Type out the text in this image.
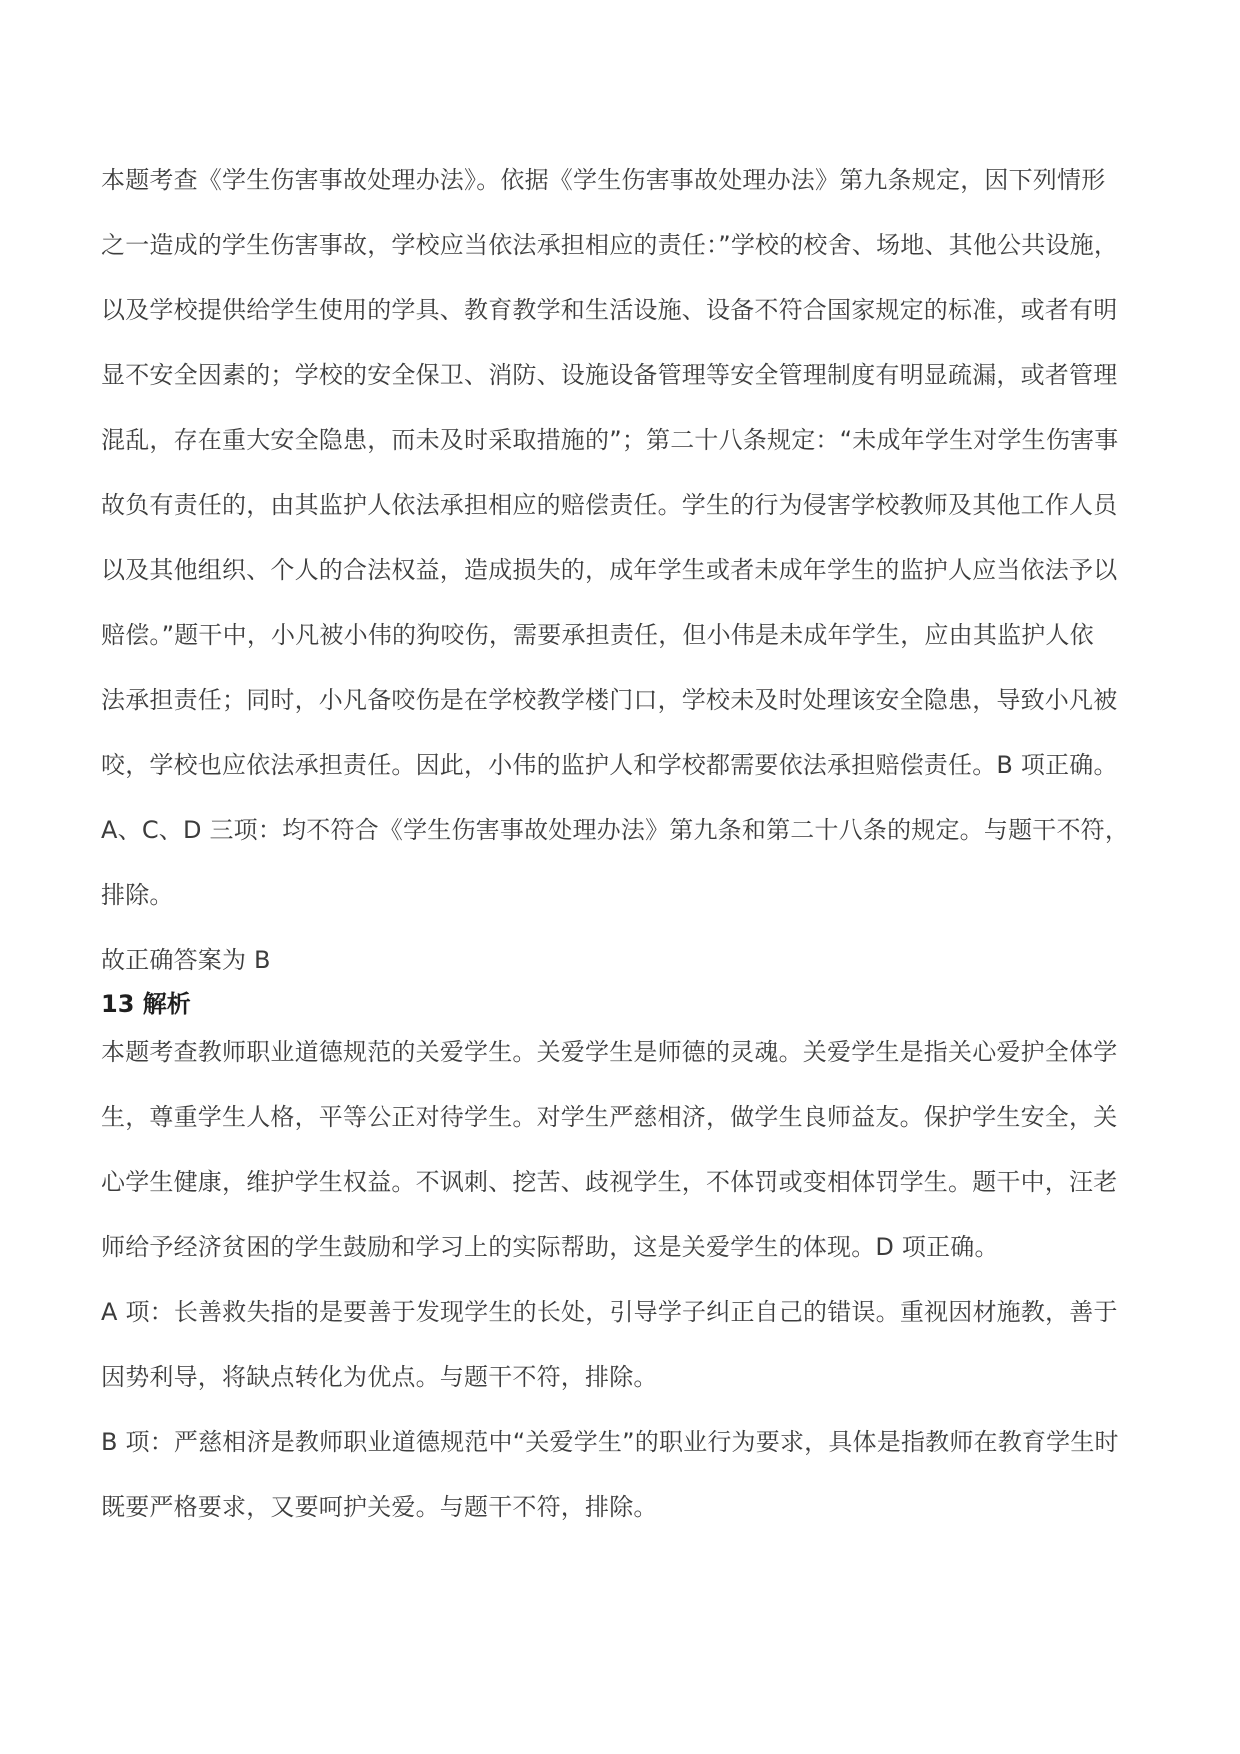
本题考查《学生伤害事故处理办法》。依据《学生伤害事故处理办法》第九条规定，因下列情形
之一造成的学生伤害事故，学校应当依法承担相应的责任：”学校的校舍、场地、其他公共设施，
以及学校提供给学生使用的学具、教育教学和生活设施、设备不符合国家规定的标准，或者有明
显不安全因素的；学校的安全保卫、消防、设施设备管理等安全管理制度有明显疏漏，或者管理
混乱，存在重大安全隐患，而未及时采取措施的”；第二十八条规定：“未成年学生对学生伤害事
故负有责任的，由其监护人依法承担相应的赔偿责任。学生的行为侵害学校教师及其他工作人员
以及其他组织、个人的合法权益，造成损失的，成年学生或者未成年学生的监护人应当依法予以
赔偿。”题干中，小凡被小伟的狗咬伤，需要承担责任，但小伟是未成年学生，应由其监护人依
法承担责任；同时，小凡备咬伤是在学校教学楼门口，学校未及时处理该安全隐患，导致小凡被
咬，学校也应依法承担责任。因此，小伟的监护人和学校都需要依法承担赔偿责任。B 项正确。
A、C、D 三项：均不符合《学生伤害事故处理办法》第九条和第二十八条的规定。与题干不符，
排除。
故正确答案为 B
13 解析
本题考查教师职业道德规范的关爱学生。关爱学生是师德的灵魂。关爱学生是指关心爱护全体学
生，尊重学生人格，平等公正对待学生。对学生严慈相济，做学生良师益友。保护学生安全，关
心学生健康，维护学生权益。不讽刺、挖苦、歧视学生，不体罚或变相体罚学生。题干中，汪老
师给予经济贫困的学生鼓励和学习上的实际帮助，这是关爱学生的体现。D 项正确。
A 项：长善救失指的是要善于发现学生的长处，引导学子纠正自己的错误。重视因材施教，善于
因势利导，将缺点转化为优点。与题干不符，排除。
B 项：严慈相济是教师职业道德规范中“关爱学生”的职业行为要求，具体是指教师在教育学生时
既要严格要求，又要呵护关爱。与题干不符，排除。
